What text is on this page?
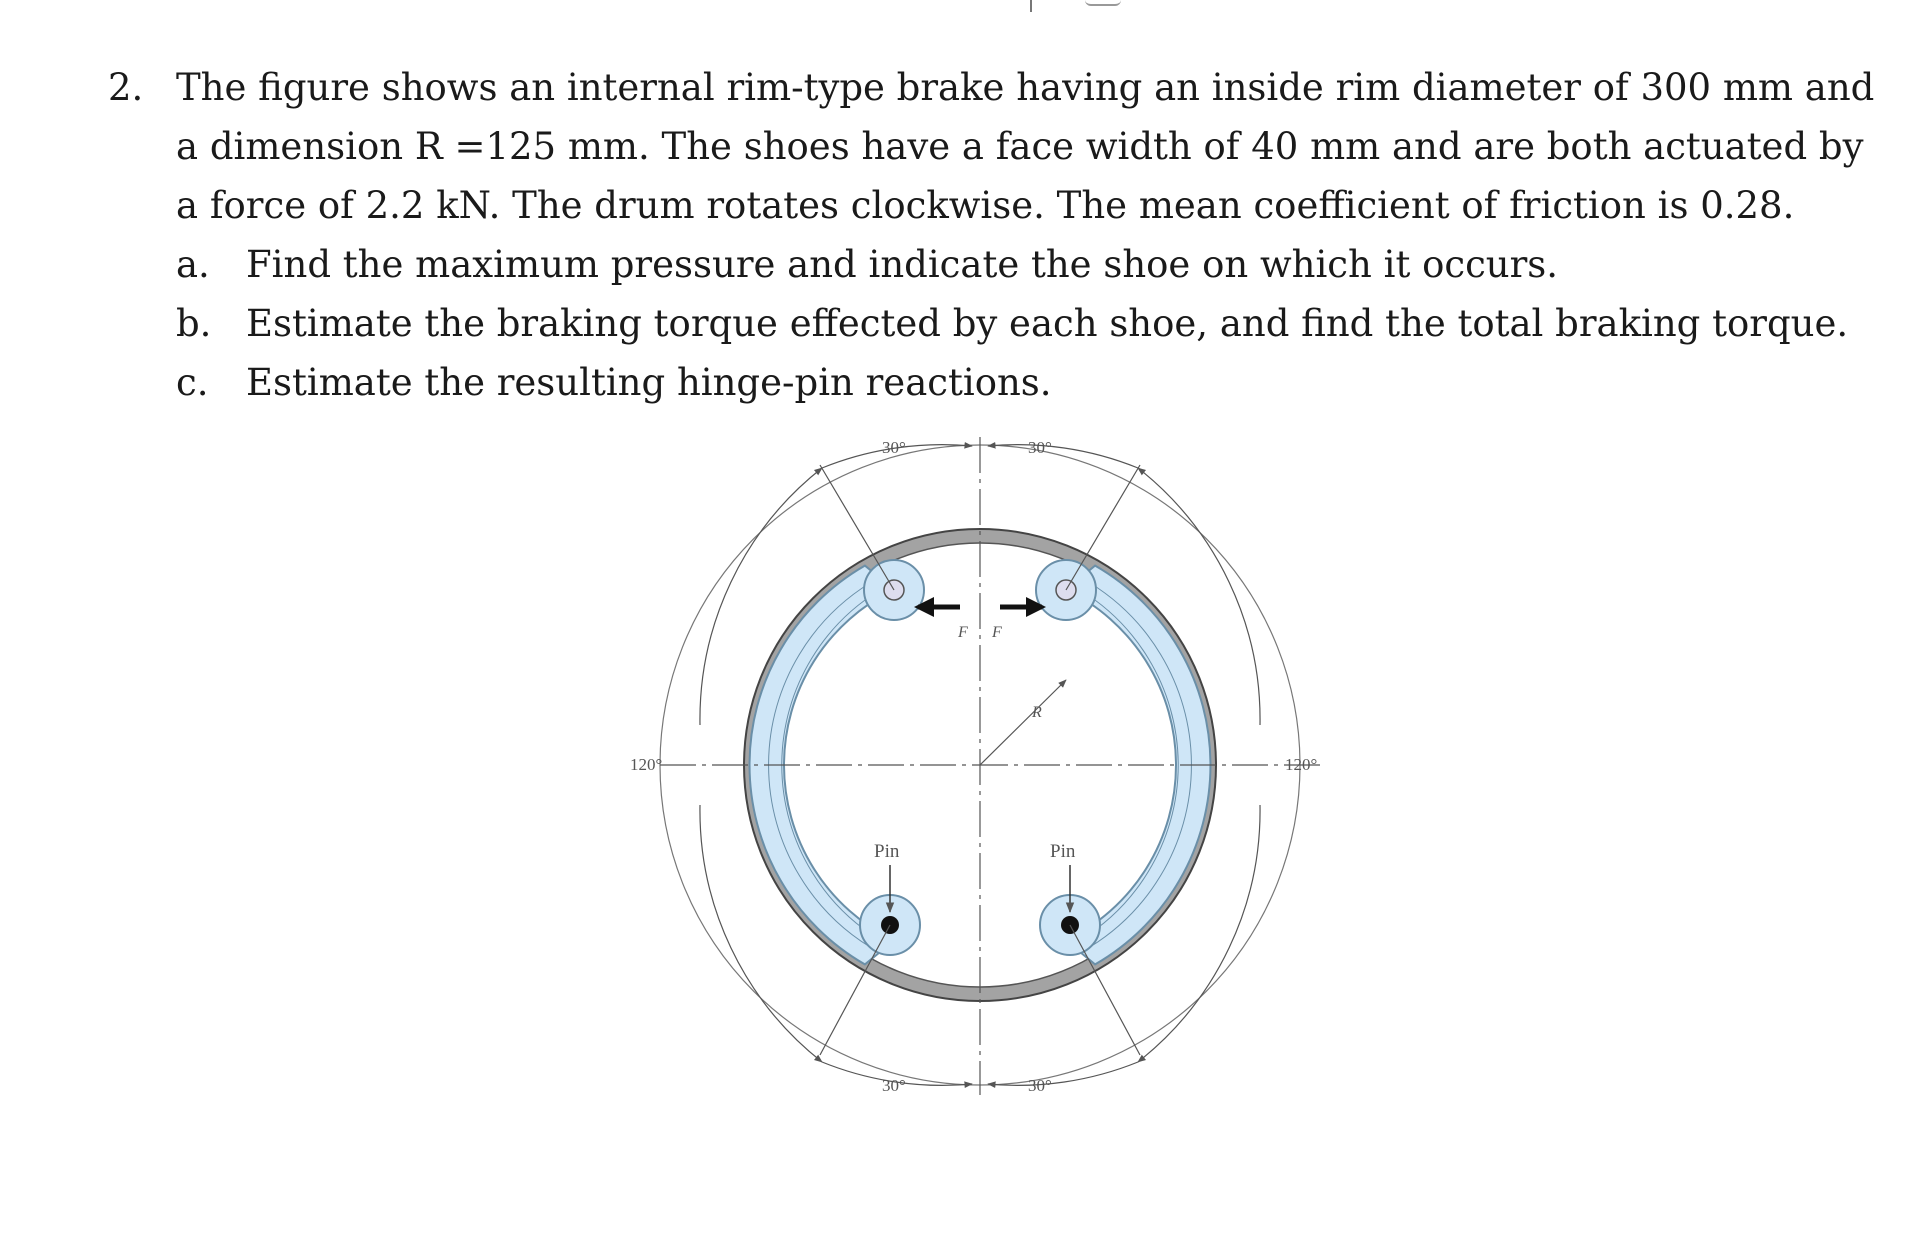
2. The figure shows an internal rim-type brake having an inside rim diameter of 300 mm and
a dimension R =125 mm. The shoes have a face width of 40 mm and are both actuated by
a force of 2.2 kN. The drum rotates clockwise. The mean coefficient of friction is 0.28.
a. Find the maximum pressure and indicate the shoe on which it occurs.
b. Estimate the braking torque effected by each shoe, and find the total braking torque.
c. Estimate the resulting hinge-pin reactions.
30°	30°
120°	120°
30°	30°
F F
R
Pin	Pin
